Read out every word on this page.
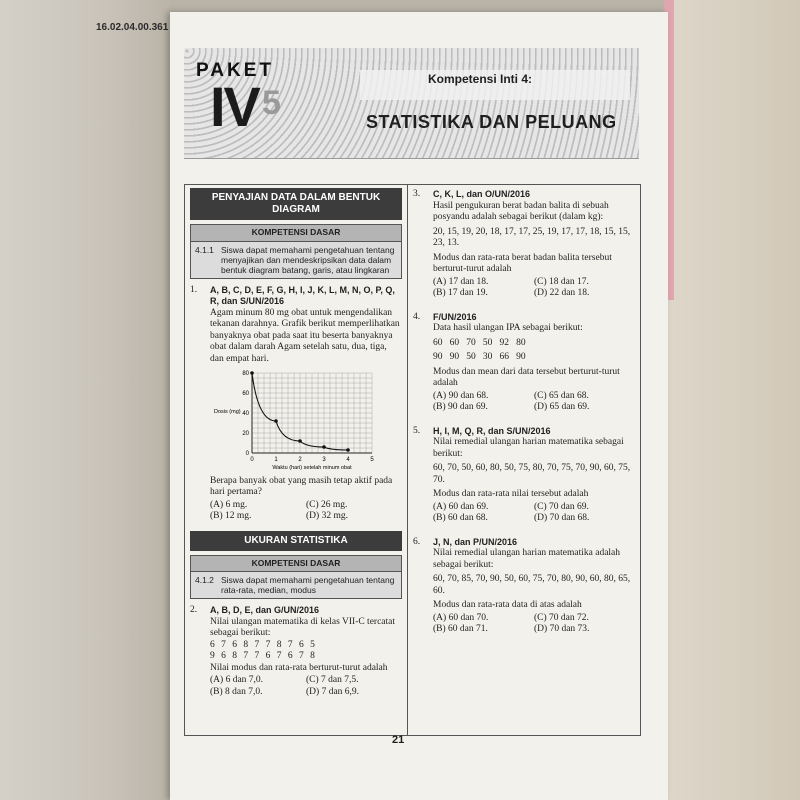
16.02.04.00.361
PAKET
IV 5
Kompetensi Inti 4:
STATISTIKA DAN PELUANG
PENYAJIAN DATA DALAM BENTUK DIAGRAM
KOMPETENSI DASAR
4.1.1 Siswa dapat memahami pengetahuan tentang menyajikan dan mendeskripsikan data dalam bentuk diagram batang, garis, atau lingkaran
1.	A, B, C, D, E, F, G, H, I, J, K, L, M, N, O, P, Q, R, dan S/UN/2016

Agam minum 80 mg obat untuk mengendalikan tekanan darahnya. Grafik berikut memperlihatkan banyaknya obat pada saat itu beserta banyaknya obat dalam darah Agam setelah satu, dua, tiga, dan empat hari.

0	1	2	3	4	5
0
20
40
60
80
Waktu (hari) setelah minum obat
Dosis (mg)

Berapa banyak obat yang masih tetap aktif pada hari pertama?

(A) 6 mg.	(C) 26 mg.
(B) 12 mg.	(D) 32 mg.
UKURAN STATISTIKA
KOMPETENSI DASAR
4.1.2 Siswa dapat memahami pengetahuan tentang rata-rata, median, modus
2.	A, B, D, E, dan G/UN/2016

Nilai ulangan matematika di kelas VII-C tercatat sebagai berikut:

6 7 6 8 7 7 8 7 6 5

9 6 8 7 7 6 7 6 7 8

Nilai modus dan rata-rata berturut-turut adalah

(A) 6 dan 7,0.	(C) 7 dan 7,5.
(B) 8 dan 7,0.	(D) 7 dan 6,9.
3.	C, K, L, dan O/UN/2016

Hasil pengukuran berat badan balita di sebuah posyandu adalah sebagai berikut (dalam kg):

20, 15, 19, 20, 18, 17, 17, 25, 19, 17, 17, 18, 15, 15, 23, 13.

Modus dan rata-rata berat badan balita tersebut berturut-turut adalah

(A) 17 dan 18.	(C) 18 dan 17.
(B) 17 dan 19.	(D) 22 dan 18.
4.	F/UN/2016

Data hasil ulangan IPA sebagai berikut:

60   60   70   50   92   80

90   90   50   30   66   90

Modus dan mean dari data tersebut berturut-turut adalah

(A) 90 dan 68.	(C) 65 dan 68.
(B) 90 dan 69.	(D) 65 dan 69.
5.	H, I, M, Q, R, dan S/UN/2016

Nilai remedial ulangan harian matematika sebagai berikut:

60, 70, 50, 60, 80, 50, 75, 80, 70, 75, 70, 90, 60, 75, 70.

Modus dan rata-rata nilai tersebut adalah

(A) 60 dan 69.	(C) 70 dan 69.
(B) 60 dan 68.	(D) 70 dan 68.
6.	J, N, dan P/UN/2016

Nilai remedial ulangan harian matematika adalah sebagai berikut:

60, 70, 85, 70, 90, 50, 60, 75, 70, 80, 90, 60, 80, 65, 60.

Modus dan rata-rata data di atas adalah

(A) 60 dan 70.	(C) 70 dan 72.
(B) 60 dan 71.	(D) 70 dan 73.
21
